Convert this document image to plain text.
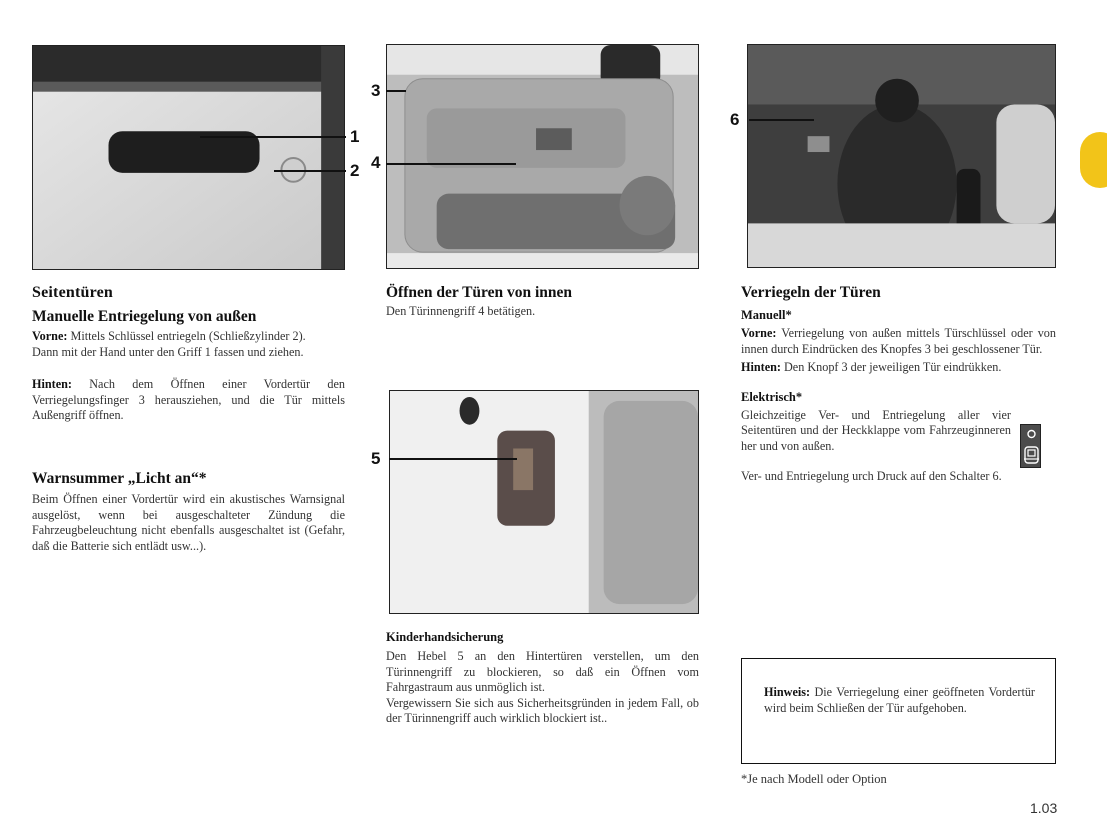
1
2
3
4
5
6
Seitentüren
Manuelle Entriegelung von außen

Vorne: Mittels Schlüssel entriegeln (Schließzylinder 2).

Dann mit der Hand unter den Griff 1 fassen und ziehen.

Hinten: Nach dem Öffnen einer Vordertür den Verriegelungsfinger 3 herausziehen, und die Tür mittels Außengriff öffnen.

Warnsummer „Licht an“*

Beim Öffnen einer Vordertür wird ein akustisches Warnsignal ausgelöst, wenn bei ausgeschalteter Zündung die Fahrzeugbeleuchtung nicht ebenfalls ausgeschaltet ist (Gefahr, daß die Batterie sich entlädt usw...).

Öffnen der Türen von innen

Den Türinnengriff 4 betätigen.

Kinderhandsicherung

Den Hebel 5 an den Hintertüren verstellen, um den Türinnengriff zu blockieren, so daß ein Öffnen vom Fahrgastraum aus unmöglich ist.

Vergewissern Sie sich aus Sicherheitsgründen in jedem Fall, ob der Türinnengriff auch wirklich blockiert ist..

Verriegeln der Türen
Manuell*

Vorne: Verriegelung von außen mittels Türschlüssel oder von innen durch Eindrücken des Knopfes 3 bei geschlossener Tür.

Hinten: Den Knopf 3 der jeweiligen Tür eindrükken.

Elektrisch*

Gleichzeitige Ver- und Entriegelung aller vier Seitentüren und der Heckklappe vom Fahrzeuginneren her und von außen.

Ver- und Entriegelung urch Druck auf den Schalter 6.

Hinweis: Die Verriegelung einer geöffneten Vordertür wird beim Schließen der Tür aufgehoben.

*Je nach Modell oder Option
1.03
